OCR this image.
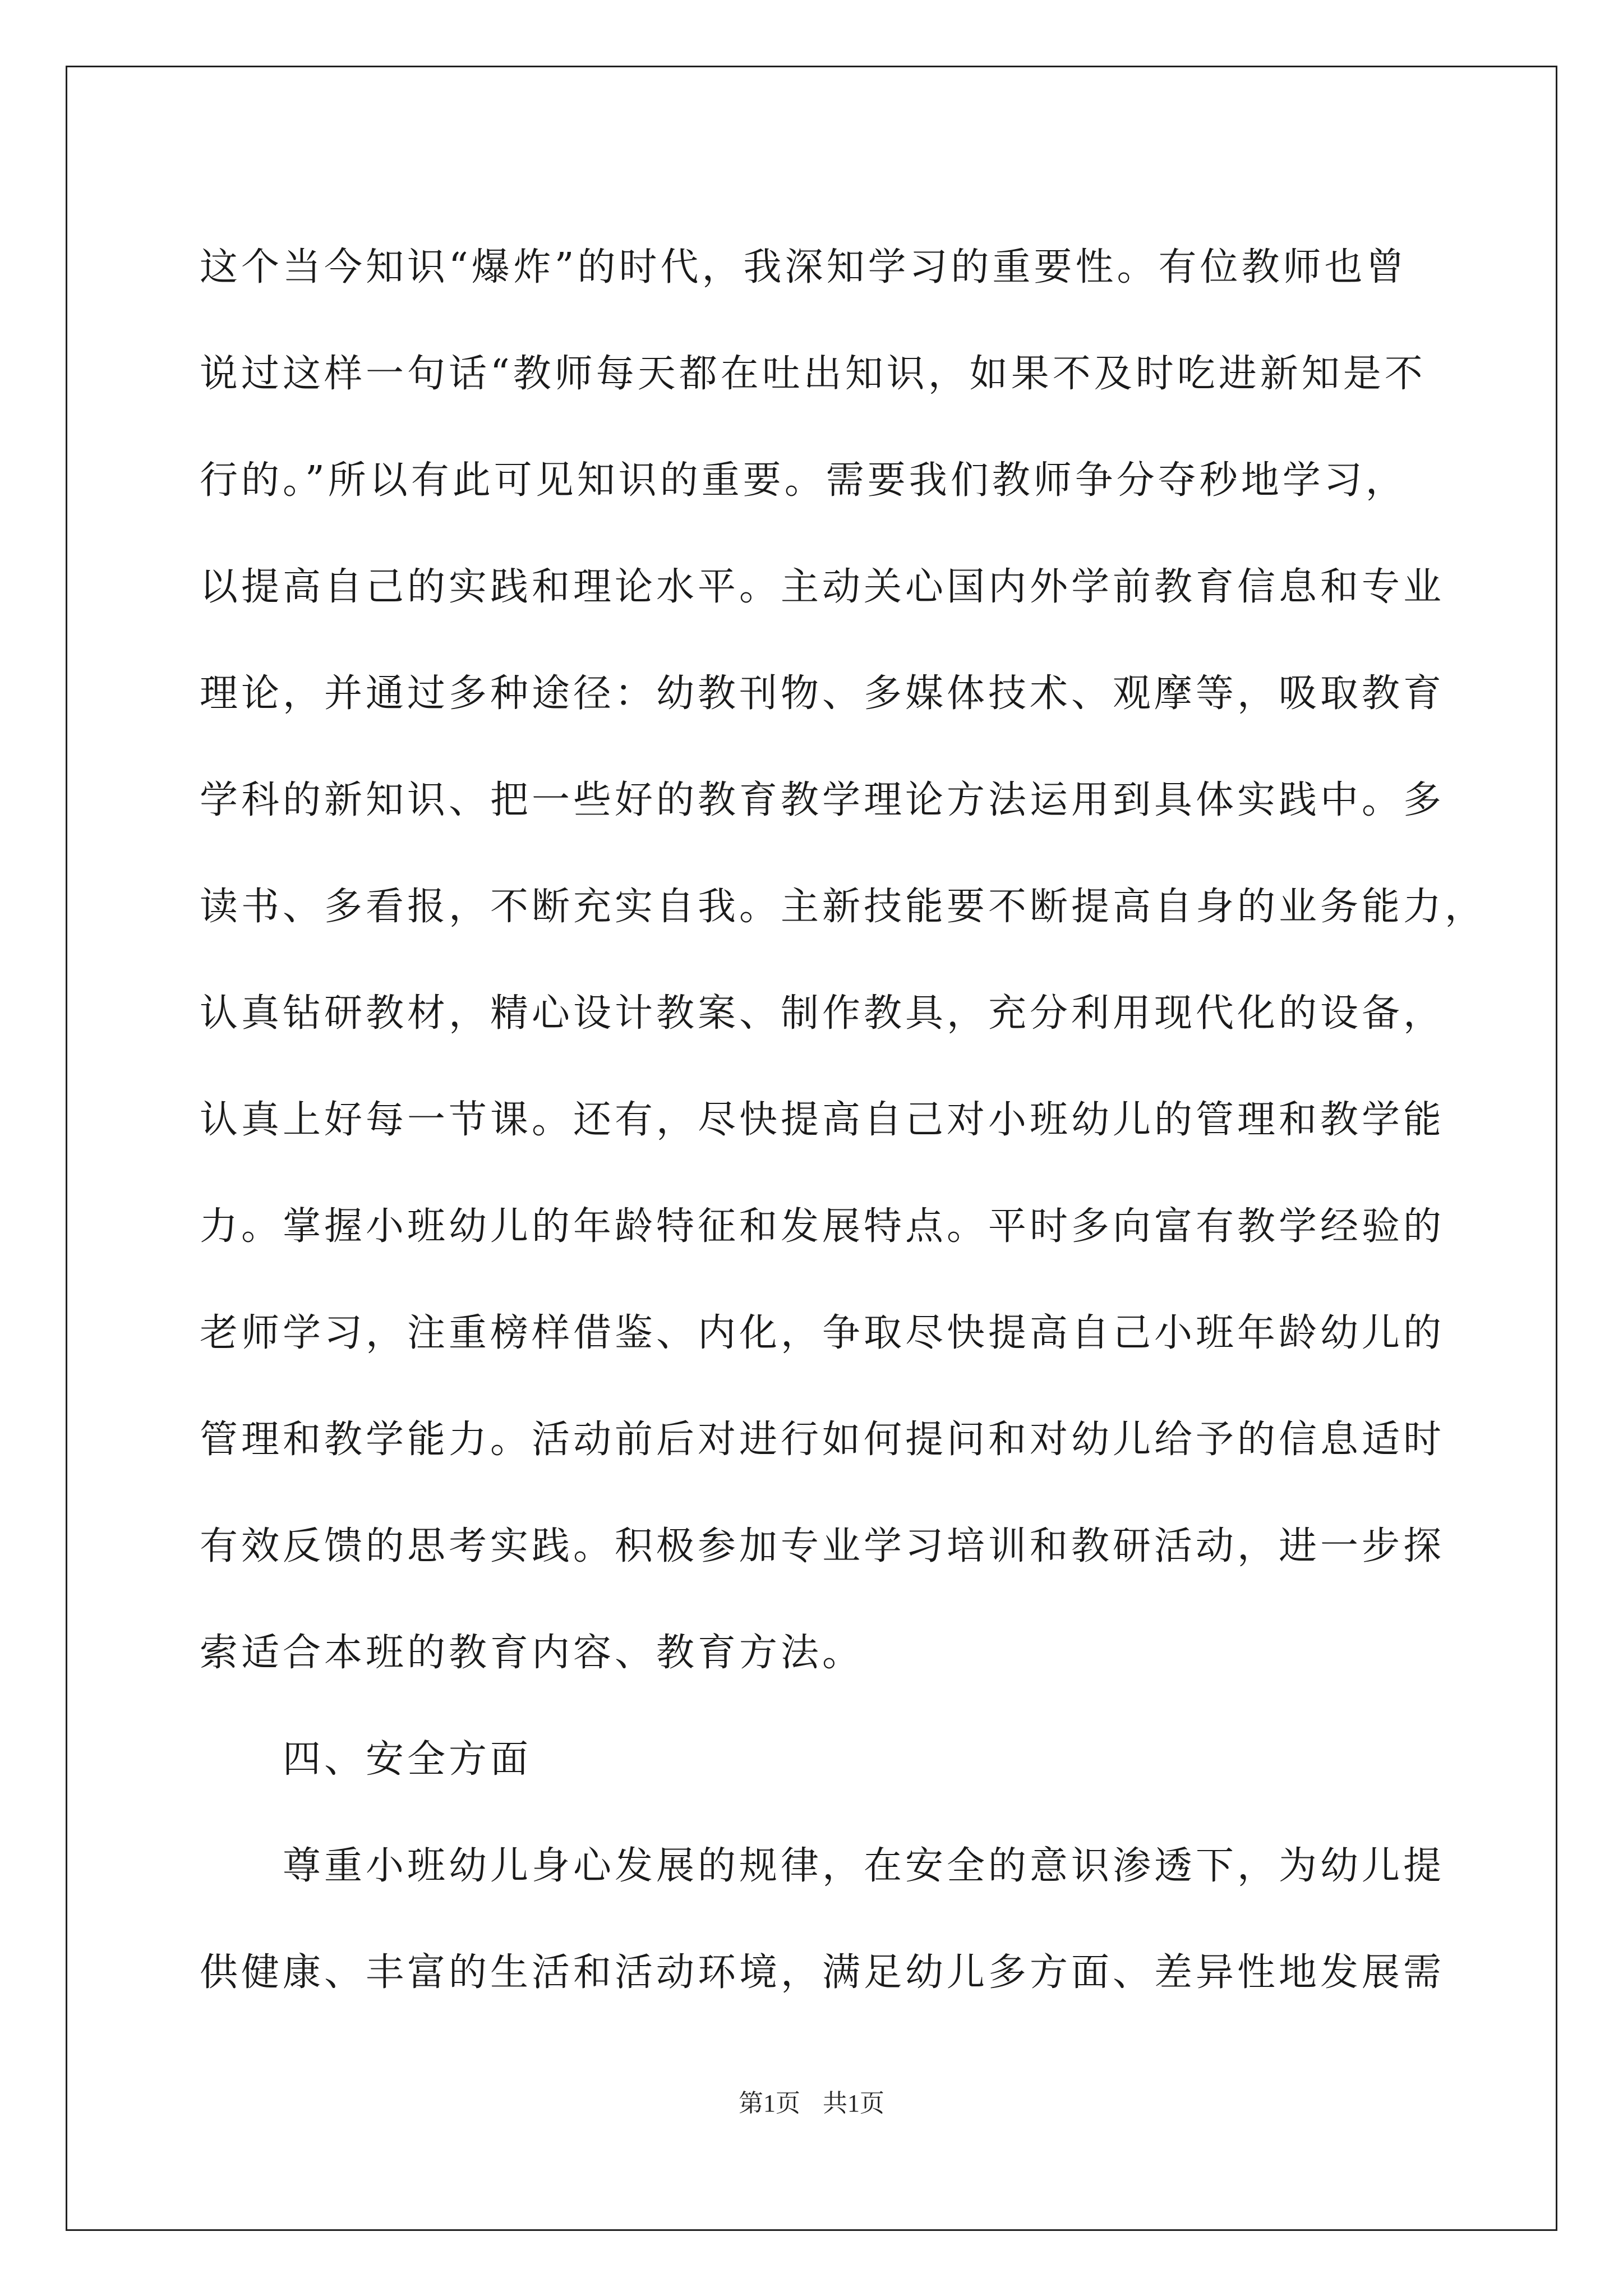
这个当今知识“爆炸”的时代，我深知学习的重要性。有位教师也曾
说过这样一句话“教师每天都在吐出知识，如果不及时吃进新知是不
行的。”所以有此可见知识的重要。需要我们教师争分夺秒地学习，
以提高自己的实践和理论水平。主动关心国内外学前教育信息和专业
理论，并通过多种途径：幼教刊物、多媒体技术、观摩等，吸取教育
学科的新知识、把一些好的教育教学理论方法运用到具体实践中。多
读书、多看报，不断充实自我。主新技能要不断提高自身的业务能力，
认真钻研教材，精心设计教案、制作教具，充分利用现代化的设备，
认真上好每一节课。还有，尽快提高自己对小班幼儿的管理和教学能
力。掌握小班幼儿的年龄特征和发展特点。平时多向富有教学经验的
老师学习，注重榜样借鉴、内化，争取尽快提高自己小班年龄幼儿的
管理和教学能力。活动前后对进行如何提问和对幼儿给予的信息适时
有效反馈的思考实践。积极参加专业学习培训和教研活动，进一步探
索适合本班的教育内容、教育方法。
四、安全方面
尊重小班幼儿身心发展的规律，在安全的意识渗透下，为幼儿提
供健康、丰富的生活和活动环境，满足幼儿多方面、差异性地发展需
第1页 共1页
